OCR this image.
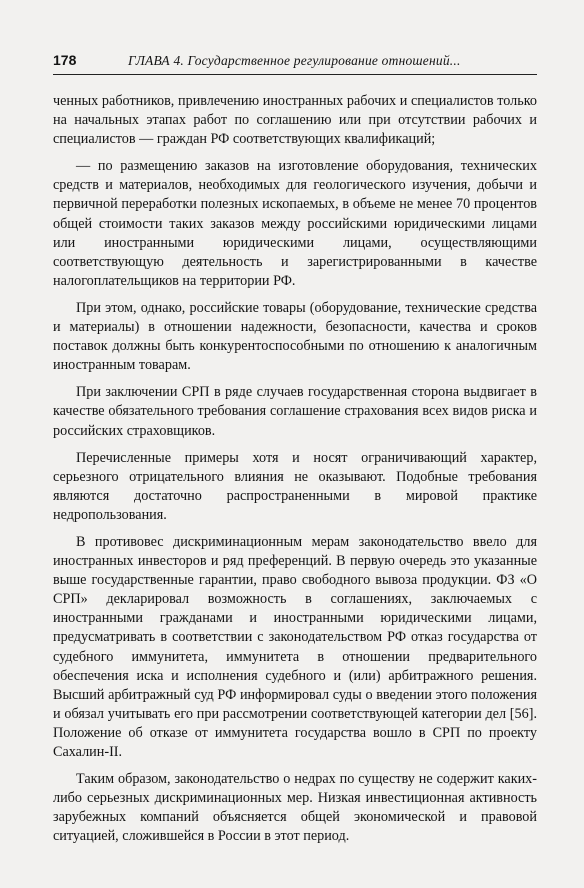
178	ГЛАВА 4. Государственное регулирование отношений...

ченных работников, привлечению иностранных рабочих и специалистов только на начальных этапах работ по соглашению или при отсутствии рабочих и специалистов — граждан РФ соответствующих квалификаций;

— по размещению заказов на изготовление оборудования, технических средств и материалов, необходимых для геологического изучения, добычи и первичной переработки полезных ископаемых, в объеме не менее 70 процентов общей стоимости таких заказов между российскими юридическими лицами или иностранными юридическими лицами, осуществляющими соответствующую деятельность и зарегистрированными в качестве налогоплательщиков на территории РФ.

При этом, однако, российские товары (оборудование, технические средства и материалы) в отношении надежности, безопасности, качества и сроков поставок должны быть конкурентоспособными по отношению к аналогичным иностранным товарам.

При заключении СРП в ряде случаев государственная сторона выдвигает в качестве обязательного требования соглашение страхования всех видов риска и российских страховщиков.

Перечисленные примеры хотя и носят ограничивающий характер, серьезного отрицательного влияния не оказывают. Подобные требования являются достаточно распространенными в мировой практике недропользования.

В противовес дискриминационным мерам законодательство ввело для иностранных инвесторов и ряд преференций. В первую очередь это указанные выше государственные гарантии, право свободного вывоза продукции. ФЗ «О СРП» декларировал возможность в соглашениях, заключаемых с иностранными гражданами и иностранными юридическими лицами, предусматривать в соответствии с законодательством РФ отказ государства от судебного иммунитета, иммунитета в отношении предварительного обеспечения иска и исполнения судебного и (или) арбитражного решения. Высший арбитражный суд РФ информировал суды о введении этого положения и обязал учитывать его при рассмотрении соответствующей категории дел [56]. Положение об отказе от иммунитета государства вошло в СРП по проекту Сахалин-II.

Таким образом, законодательство о недрах по существу не содержит каких-либо серьезных дискриминационных мер. Низкая инвестиционная активность зарубежных компаний объясняется общей экономической и правовой ситуацией, сложившейся в России в этот период.
